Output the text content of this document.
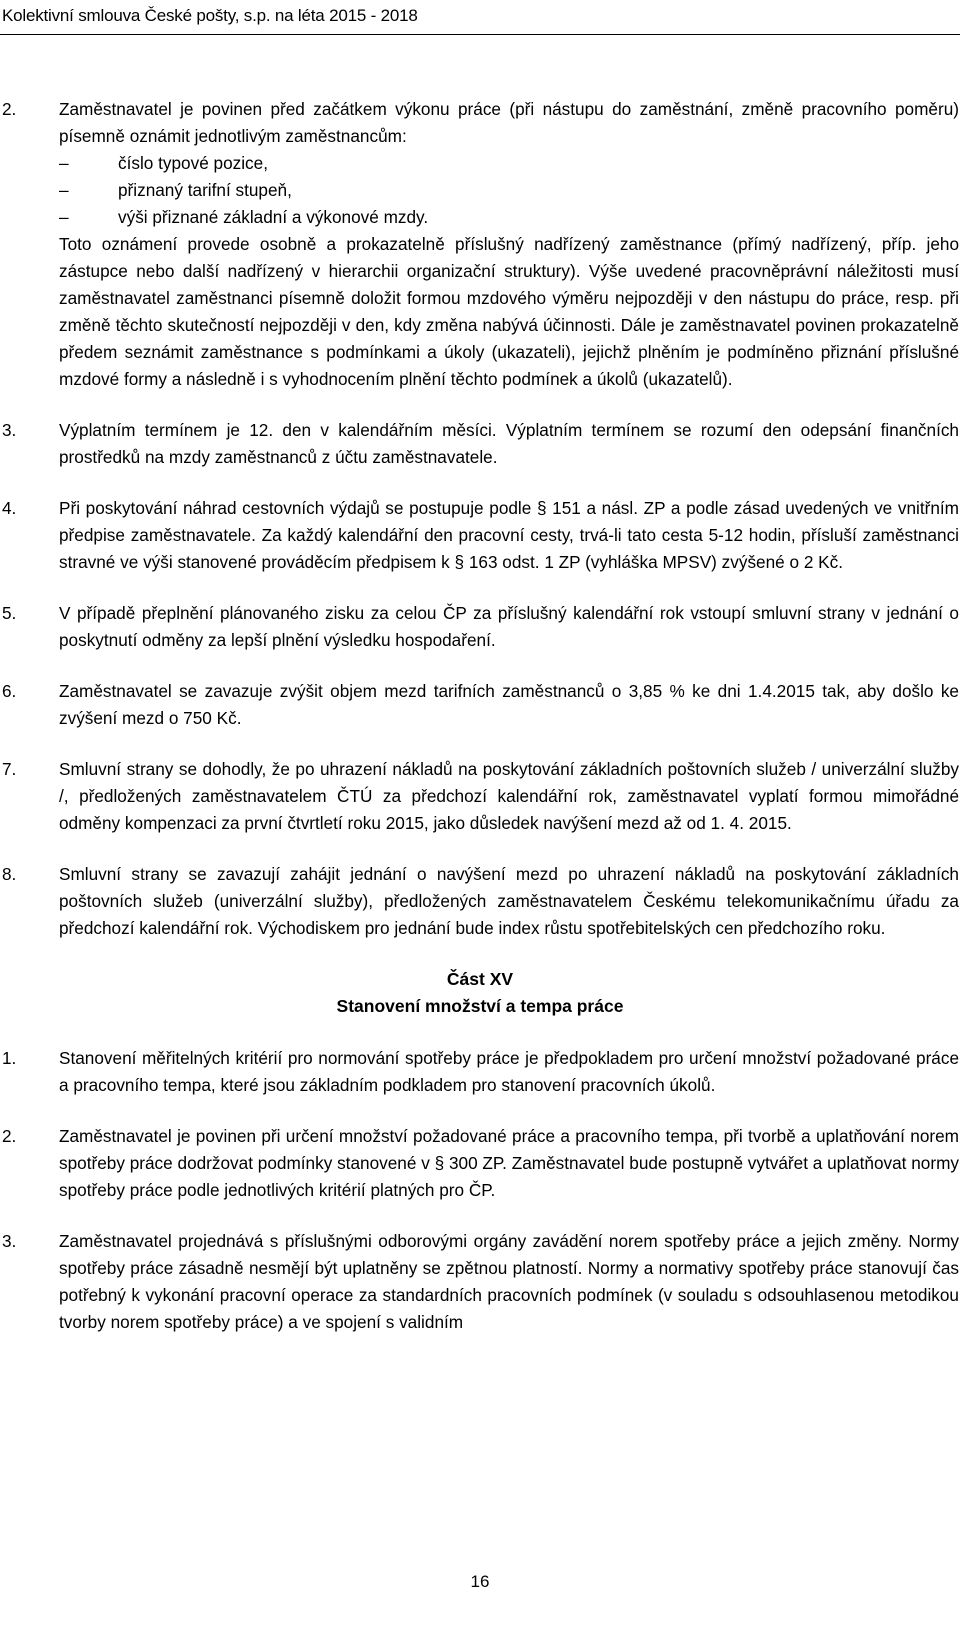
Kolektivní smlouva České pošty, s.p. na léta 2015 - 2018
2. Zaměstnavatel je povinen před začátkem výkonu práce (při nástupu do zaměstnání, změně pracovního poměru) písemně oznámit jednotlivým zaměstnancům:

–	číslo typové pozice,
–	přiznaný tarifní stupeň,
–	výši přiznané základní a výkonové mzdy.

Toto oznámení provede osobně a prokazatelně příslušný nadřízený zaměstnance (přímý nadřízený, příp. jeho zástupce nebo další nadřízený v hierarchii organizační struktury). Výše uvedené pracovněprávní náležitosti musí zaměstnavatel zaměstnanci písemně doložit formou mzdového výměru nejpozději v den nástupu do práce, resp. při změně těchto skutečností nejpozději v den, kdy změna nabývá účinnosti. Dále je zaměstnavatel povinen prokazatelně předem seznámit zaměstnance s podmínkami a úkoly (ukazateli), jejichž plněním je podmíněno přiznání příslušné mzdové formy a následně i s vyhodnocením plnění těchto podmínek a úkolů (ukazatelů).

3. Výplatním termínem je 12. den v kalendářním měsíci. Výplatním termínem se rozumí den odepsání finančních prostředků na mzdy zaměstnanců z účtu zaměstnavatele.

4. Při poskytování náhrad cestovních výdajů se postupuje podle § 151 a násl. ZP a podle zásad uvedených ve vnitřním předpise zaměstnavatele. Za každý kalendářní den pracovní cesty, trvá-li tato cesta 5-12 hodin, přísluší zaměstnanci stravné ve výši stanovené prováděcím předpisem k § 163 odst. 1 ZP (vyhláška MPSV) zvýšené o 2 Kč.

5. V případě přeplnění plánovaného zisku za celou ČP za příslušný kalendářní rok vstoupí smluvní strany v jednání o poskytnutí odměny za lepší plnění výsledku hospodaření.

6. Zaměstnavatel se zavazuje zvýšit objem mezd tarifních zaměstnanců o 3,85 % ke dni 1.4.2015 tak, aby došlo ke zvýšení mezd o 750 Kč.

7. Smluvní strany se dohodly, že po uhrazení nákladů na poskytování základních poštovních služeb / univerzální služby /, předložených zaměstnavatelem ČTÚ za předchozí kalendářní rok, zaměstnavatel vyplatí formou mimořádné odměny kompenzaci za první čtvrtletí roku 2015, jako důsledek navýšení mezd až od 1. 4. 2015.

8. Smluvní strany se zavazují zahájit jednání o navýšení mezd po uhrazení nákladů na poskytování základních poštovních služeb (univerzální služby), předložených zaměstnavatelem Českému telekomunikačnímu úřadu za předchozí kalendářní rok. Východiskem pro jednání bude index růstu spotřebitelských cen předchozího roku.

Část XV
Stanovení množství a tempa práce
1. Stanovení měřitelných kritérií pro normování spotřeby práce je předpokladem pro určení množství požadované práce a pracovního tempa, které jsou základním podkladem pro stanovení pracovních úkolů.

2. Zaměstnavatel je povinen při určení množství požadované práce a pracovního tempa, při tvorbě a uplatňování norem spotřeby práce dodržovat podmínky stanovené v § 300 ZP. Zaměstnavatel bude postupně vytvářet a uplatňovat normy spotřeby práce podle jednotlivých kritérií platných pro ČP.

3. Zaměstnavatel projednává s příslušnými odborovými orgány zavádění norem spotřeby práce a jejich změny. Normy spotřeby práce zásadně nesmějí být uplatněny se zpětnou platností. Normy a normativy spotřeby práce stanovují čas potřebný k vykonání pracovní operace za standardních pracovních podmínek (v souladu s odsouhlasenou metodikou tvorby norem spotřeby práce) a ve spojení s validním

16
